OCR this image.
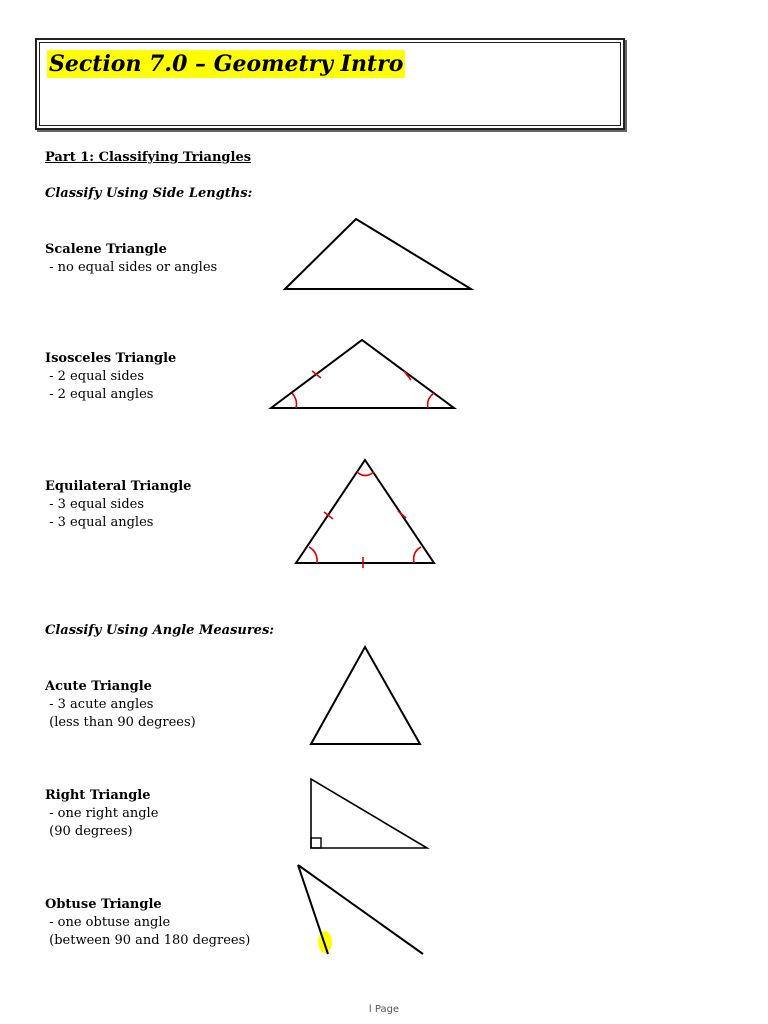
Section 7.0 – Geometry Intro

Part 1: Classifying Triangles

Classify Using Side Lengths:

Scalene Triangle

- no equal sides or angles

Isosceles Triangle

- 2 equal sides

- 2 equal angles

Equilateral Triangle

- 3 equal sides

- 3 equal angles

Classify Using Angle Measures:

Acute Triangle

- 3 acute angles

(less than 90 degrees)

Right Triangle

- one right angle

(90 degrees)

Obtuse Triangle

- one obtuse angle

(between 90 and 180 degrees)

l Page
